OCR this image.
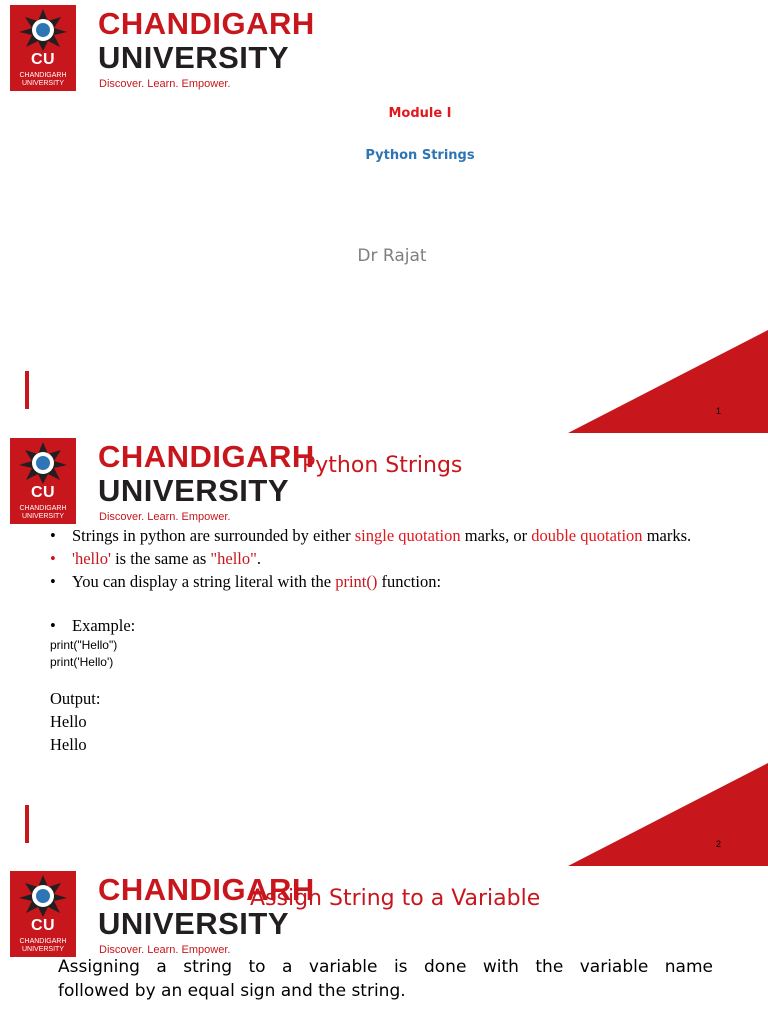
CU
CHANDIGARH
UNIVERSITY
CHANDIGARH
UNIVERSITY
Discover. Learn. Empower.
Module I
Python Strings
Dr Rajat
1
Python Strings
CU
CHANDIGARH
UNIVERSITY
CHANDIGARH
UNIVERSITY
Discover. Learn. Empower.
• Strings in python are surrounded by either single quotation marks, or double quotation marks.
• 'hello' is the same as "hello".
• You can display a string literal with the print() function:
• Example:
print("Hello")
print('Hello')
Output:
Hello
Hello
2
Assign String to a Variable
CU
CHANDIGARH
UNIVERSITY
CHANDIGARH
UNIVERSITY
Discover. Learn. Empower.
Assigning a string to a variable is done with the variable name
followed by an equal sign and the string.
